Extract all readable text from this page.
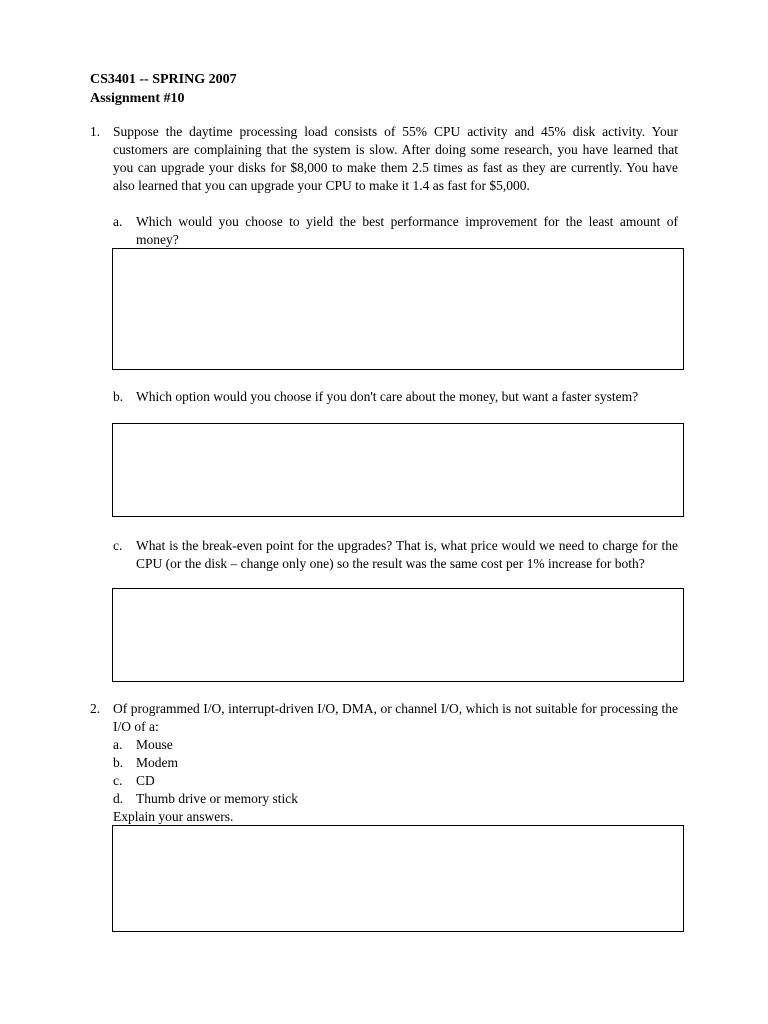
CS3401 -- SPRING 2007
Assignment #10
1. Suppose the daytime processing load consists of 55% CPU activity and 45% disk activity. Your customers are complaining that the system is slow. After doing some research, you have learned that you can upgrade your disks for $8,000 to make them 2.5 times as fast as they are currently. You have also learned that you can upgrade your CPU to make it 1.4 as fast for $5,000.
a. Which would you choose to yield the best performance improvement for the least amount of money?
b. Which option would you choose if you don't care about the money, but want a faster system?
c. What is the break-even point for the upgrades? That is, what price would we need to charge for the CPU (or the disk – change only one) so the result was the same cost per 1% increase for both?
2. Of programmed I/O, interrupt-driven I/O, DMA, or channel I/O, which is not suitable for processing the I/O of a:
a. Mouse
b. Modem
c. CD
d. Thumb drive or memory stick
Explain your answers.
